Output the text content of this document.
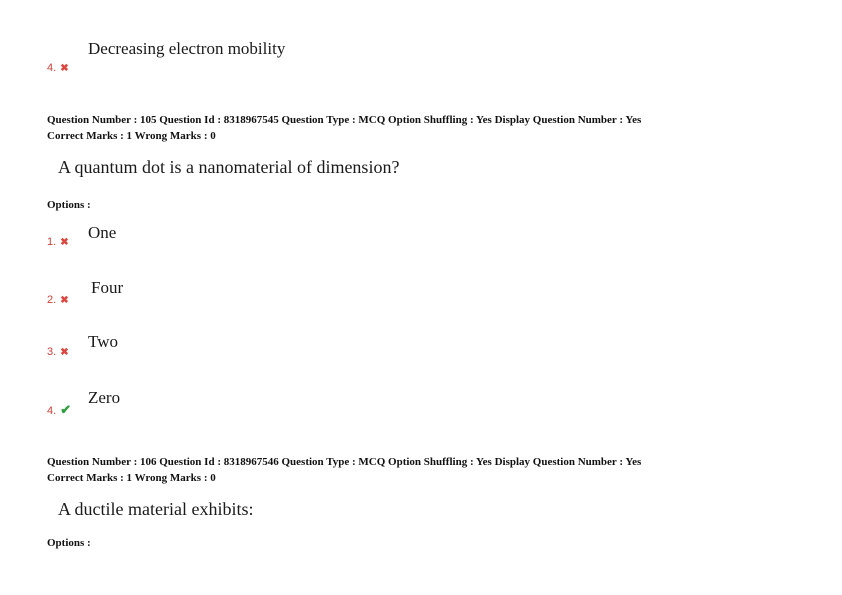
Decreasing electron mobility
4. ✖
Question Number : 105 Question Id : 8318967545 Question Type : MCQ Option Shuffling : Yes Display Question Number : Yes
Correct Marks : 1 Wrong Marks : 0
A quantum dot is a nanomaterial of dimension?
Options :
One
1. ✖
Four
2. ✖
Two
3. ✖
Zero
4. ✔
Question Number : 106 Question Id : 8318967546 Question Type : MCQ Option Shuffling : Yes Display Question Number : Yes
Correct Marks : 1 Wrong Marks : 0
A ductile material exhibits:
Options :
